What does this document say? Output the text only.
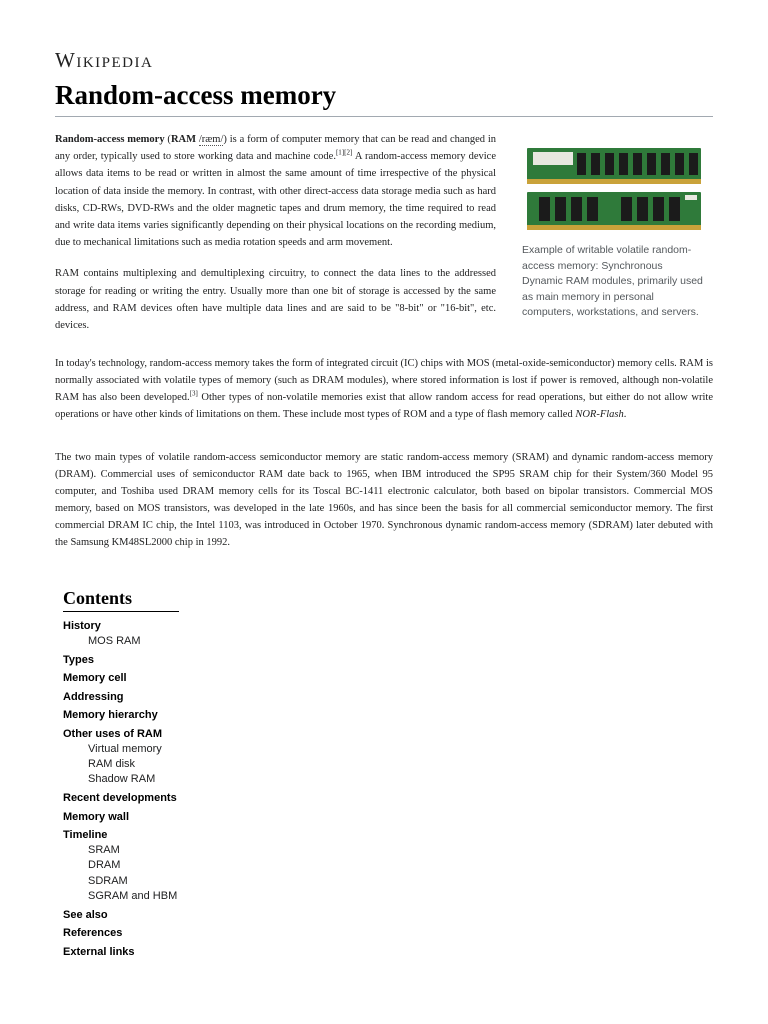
Wikipedia
Random-access memory

Random-access memory (RAM /ræm/) is a form of computer memory that can be read and changed in any order, typically used to store working data and machine code.[1][2] A random-access memory device allows data items to be read or written in almost the same amount of time irrespective of the physical location of data inside the memory. In contrast, with other direct-access data storage media such as hard disks, CD-RWs, DVD-RWs and the older magnetic tapes and drum memory, the time required to read and write data items varies significantly depending on their physical locations on the recording medium, due to mechanical limitations such as media rotation speeds and arm movement.

RAM contains multiplexing and demultiplexing circuitry, to connect the data lines to the addressed storage for reading or writing the entry. Usually more than one bit of storage is accessed by the same address, and RAM devices often have multiple data lines and are said to be "8-bit" or "16-bit", etc. devices.

Example of writable volatile random-access memory: Synchronous Dynamic RAM modules, primarily used as main memory in personal computers, workstations, and servers.

In today's technology, random-access memory takes the form of integrated circuit (IC) chips with MOS (metal-oxide-semiconductor) memory cells. RAM is normally associated with volatile types of memory (such as DRAM modules), where stored information is lost if power is removed, although non-volatile RAM has also been developed.[3] Other types of non-volatile memories exist that allow random access for read operations, but either do not allow write operations or have other kinds of limitations on them. These include most types of ROM and a type of flash memory called NOR-Flash.

The two main types of volatile random-access semiconductor memory are static random-access memory (SRAM) and dynamic random-access memory (DRAM). Commercial uses of semiconductor RAM date back to 1965, when IBM introduced the SP95 SRAM chip for their System/360 Model 95 computer, and Toshiba used DRAM memory cells for its Toscal BC-1411 electronic calculator, both based on bipolar transistors. Commercial MOS memory, based on MOS transistors, was developed in the late 1960s, and has since been the basis for all commercial semiconductor memory. The first commercial DRAM IC chip, the Intel 1103, was introduced in October 1970. Synchronous dynamic random-access memory (SDRAM) later debuted with the Samsung KM48SL2000 chip in 1992.

Contents
History
MOS RAM
Types
Memory cell
Addressing
Memory hierarchy
Other uses of RAM
Virtual memory
RAM disk
Shadow RAM
Recent developments
Memory wall
Timeline
SRAM
DRAM
SDRAM
SGRAM and HBM
See also
References
External links
